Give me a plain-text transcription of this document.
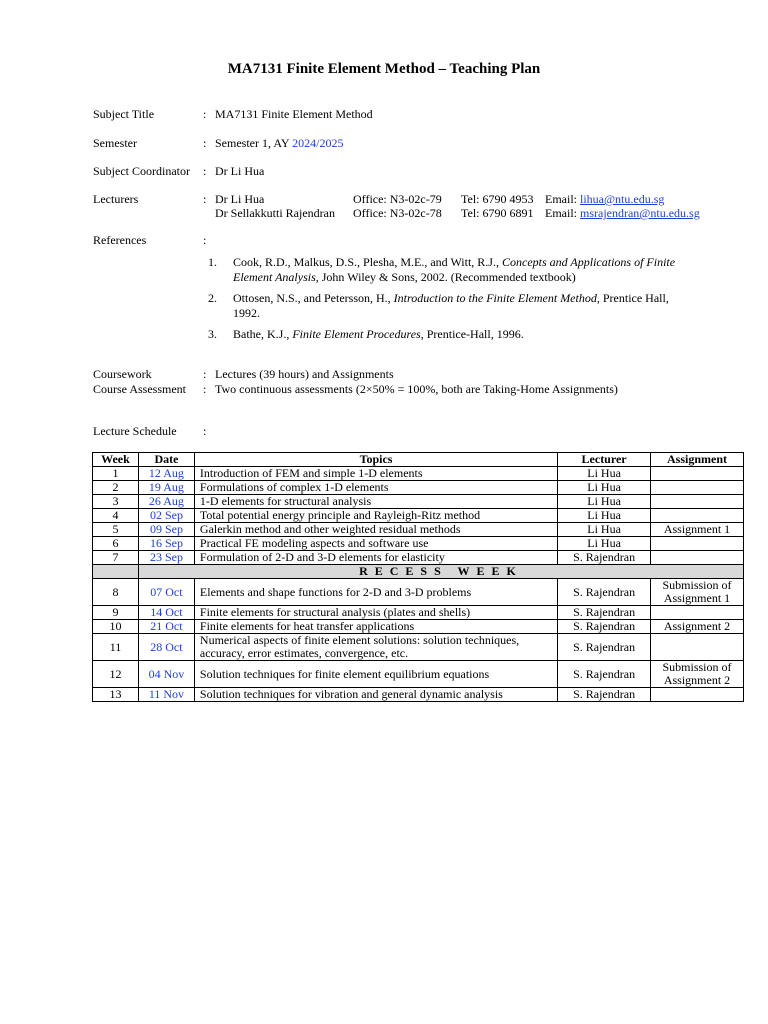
MA7131 Finite Element Method – Teaching Plan
Subject Title	: MA7131 Finite Element Method
Semester	: Semester 1, AY 2024/2025
Subject Coordinator	: Dr Li Hua
Lecturers	: Dr Li Hua	Office: N3-02c-79 Tel: 6790 4953 Email: lihua@ntu.edu.sg
Dr Sellakkutti Rajendran Office: N3-02c-78 Tel: 6790 6891 Email: msrajendran@ntu.edu.sg
References	:
1. Cook, R.D., Malkus, D.S., Plesha, M.E., and Witt, R.J., Concepts and Applications of Finite Element Analysis, John Wiley & Sons, 2002. (Recommended textbook)
2. Ottosen, N.S., and Petersson, H., Introduction to the Finite Element Method, Prentice Hall, 1992.
3. Bathe, K.J., Finite Element Procedures, Prentice-Hall, 1996.
Coursework	: Lectures (39 hours) and Assignments
Course Assessment	: Two continuous assessments (2×50% = 100%, both are Taking-Home Assignments)
Lecture Schedule	:
Week	Date	Topics	Lecturer	Assignment
1	12 Aug	Introduction of FEM and simple 1-D elements	Li Hua	
2	19 Aug	Formulations of complex 1-D elements	Li Hua	
3	26 Aug	1-D elements for structural analysis	Li Hua	
4	02 Sep	Total potential energy principle and Rayleigh-Ritz method	Li Hua	
5	09 Sep	Galerkin method and other weighted residual methods	Li Hua	Assignment 1
6	16 Sep	Practical FE modeling aspects and software use	Li Hua	
7	23 Sep	Formulation of 2-D and 3-D elements for elasticity	S. Rajendran	
	RECESS WEEK			
8	07 Oct	Elements and shape functions for 2-D and 3-D problems	S. Rajendran	Submission of Assignment 1
9	14 Oct	Finite elements for structural analysis (plates and shells)	S. Rajendran	
10	21 Oct	Finite elements for heat transfer applications	S. Rajendran	Assignment 2
11	28 Oct	Numerical aspects of finite element solutions: solution techniques, accuracy, error estimates, convergence, etc.	S. Rajendran	
12	04 Nov	Solution techniques for finite element equilibrium equations	S. Rajendran	Submission of Assignment 2
13	11 Nov	Solution techniques for vibration and general dynamic analysis	S. Rajendran	
